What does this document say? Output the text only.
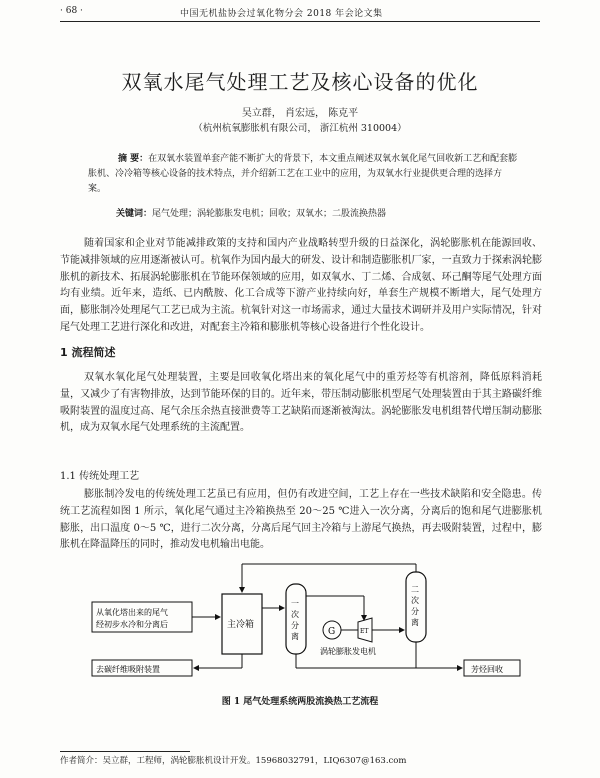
· 68 ·	中国无机盐协会过氧化物分会 2018 年会论文集
双氧水尾气处理工艺及核心设备的优化
吴立群， 肖宏远， 陈克平
（杭州杭氧膨胀机有限公司， 浙江杭州 310004）
摘 要：在双氧水装置单套产能不断扩大的背景下，本文重点阐述双氧水氧化尾气回收新工艺和配套膨胀机、冷冷箱等核心设备的技术特点，并介绍新工艺在工业中的应用，为双氧水行业提供更合理的选择方案。
关键词：尾气处理；涡轮膨胀发电机；回收；双氧水；二股流换热器
随着国家和企业对节能减排政策的支持和国内产业战略转型升级的日益深化，涡轮膨胀机在能源回收、节能减排领域的应用逐渐被认可。杭氧作为国内最大的研发、设计和制造膨胀机厂家，一直致力于探索涡轮膨胀机的新技术、拓展涡轮膨胀机在节能环保领域的应用，如双氧水、丁二烯、合成氨、环己酮等尾气处理方面均有业绩。近年来，造纸、已内酰胺、化工合成等下游产业持续向好，单套生产规模不断增大，尾气处理方面，膨胀制冷处理尾气工艺已成为主流。杭氧针对这一市场需求，通过大量技术调研并及用户实际情况，针对尾气处理工艺进行深化和改进，对配套主冷箱和膨胀机等核心设备进行个性化设计。
1 流程简述
双氧水氧化尾气处理装置，主要是回收氧化塔出来的氧化尾气中的重芳烃等有机溶剂，降低原料消耗量，又减少了有害物排放，达到节能环保的目的。近年来，带压制动膨胀机型尾气处理装置由于其主路碳纤维吸附装置的温度过高、尾气余压余热直接泄费等工艺缺陷而逐渐被淘汰。涡轮膨胀发电机组替代增压制动膨胀机，成为双氧水尾气处理系统的主流配置。
1.1 传统处理工艺
膨胀制冷发电的传统处理工艺虽已有应用，但仍有改进空间，工艺上存在一些技术缺陷和安全隐患。传统工艺流程如图 1 所示，氧化尾气通过主冷箱换热至 20～25 ℃进入一次分离，分离后的饱和尾气进膨胀机膨胀，出口温度 0～5 ℃，进行二次分离，分离后尾气回主冷箱与上游尾气换热，再去吸附装置，过程中，膨胀机在降温降压的同时，推动发电机输出电能。
从氧化塔出来的尾气
经初步水冷和分离后	主冷箱
一
次
分
离	G	ET
涡轮膨胀发电机
二
次
分
离
去碳纤维吸附装置	芳烃回收
图 1 尾气处理系统两股流换热工艺流程
作者简介：吴立群，工程师，涡轮膨胀机设计开发。15968032791，LIQ6307@163.com
